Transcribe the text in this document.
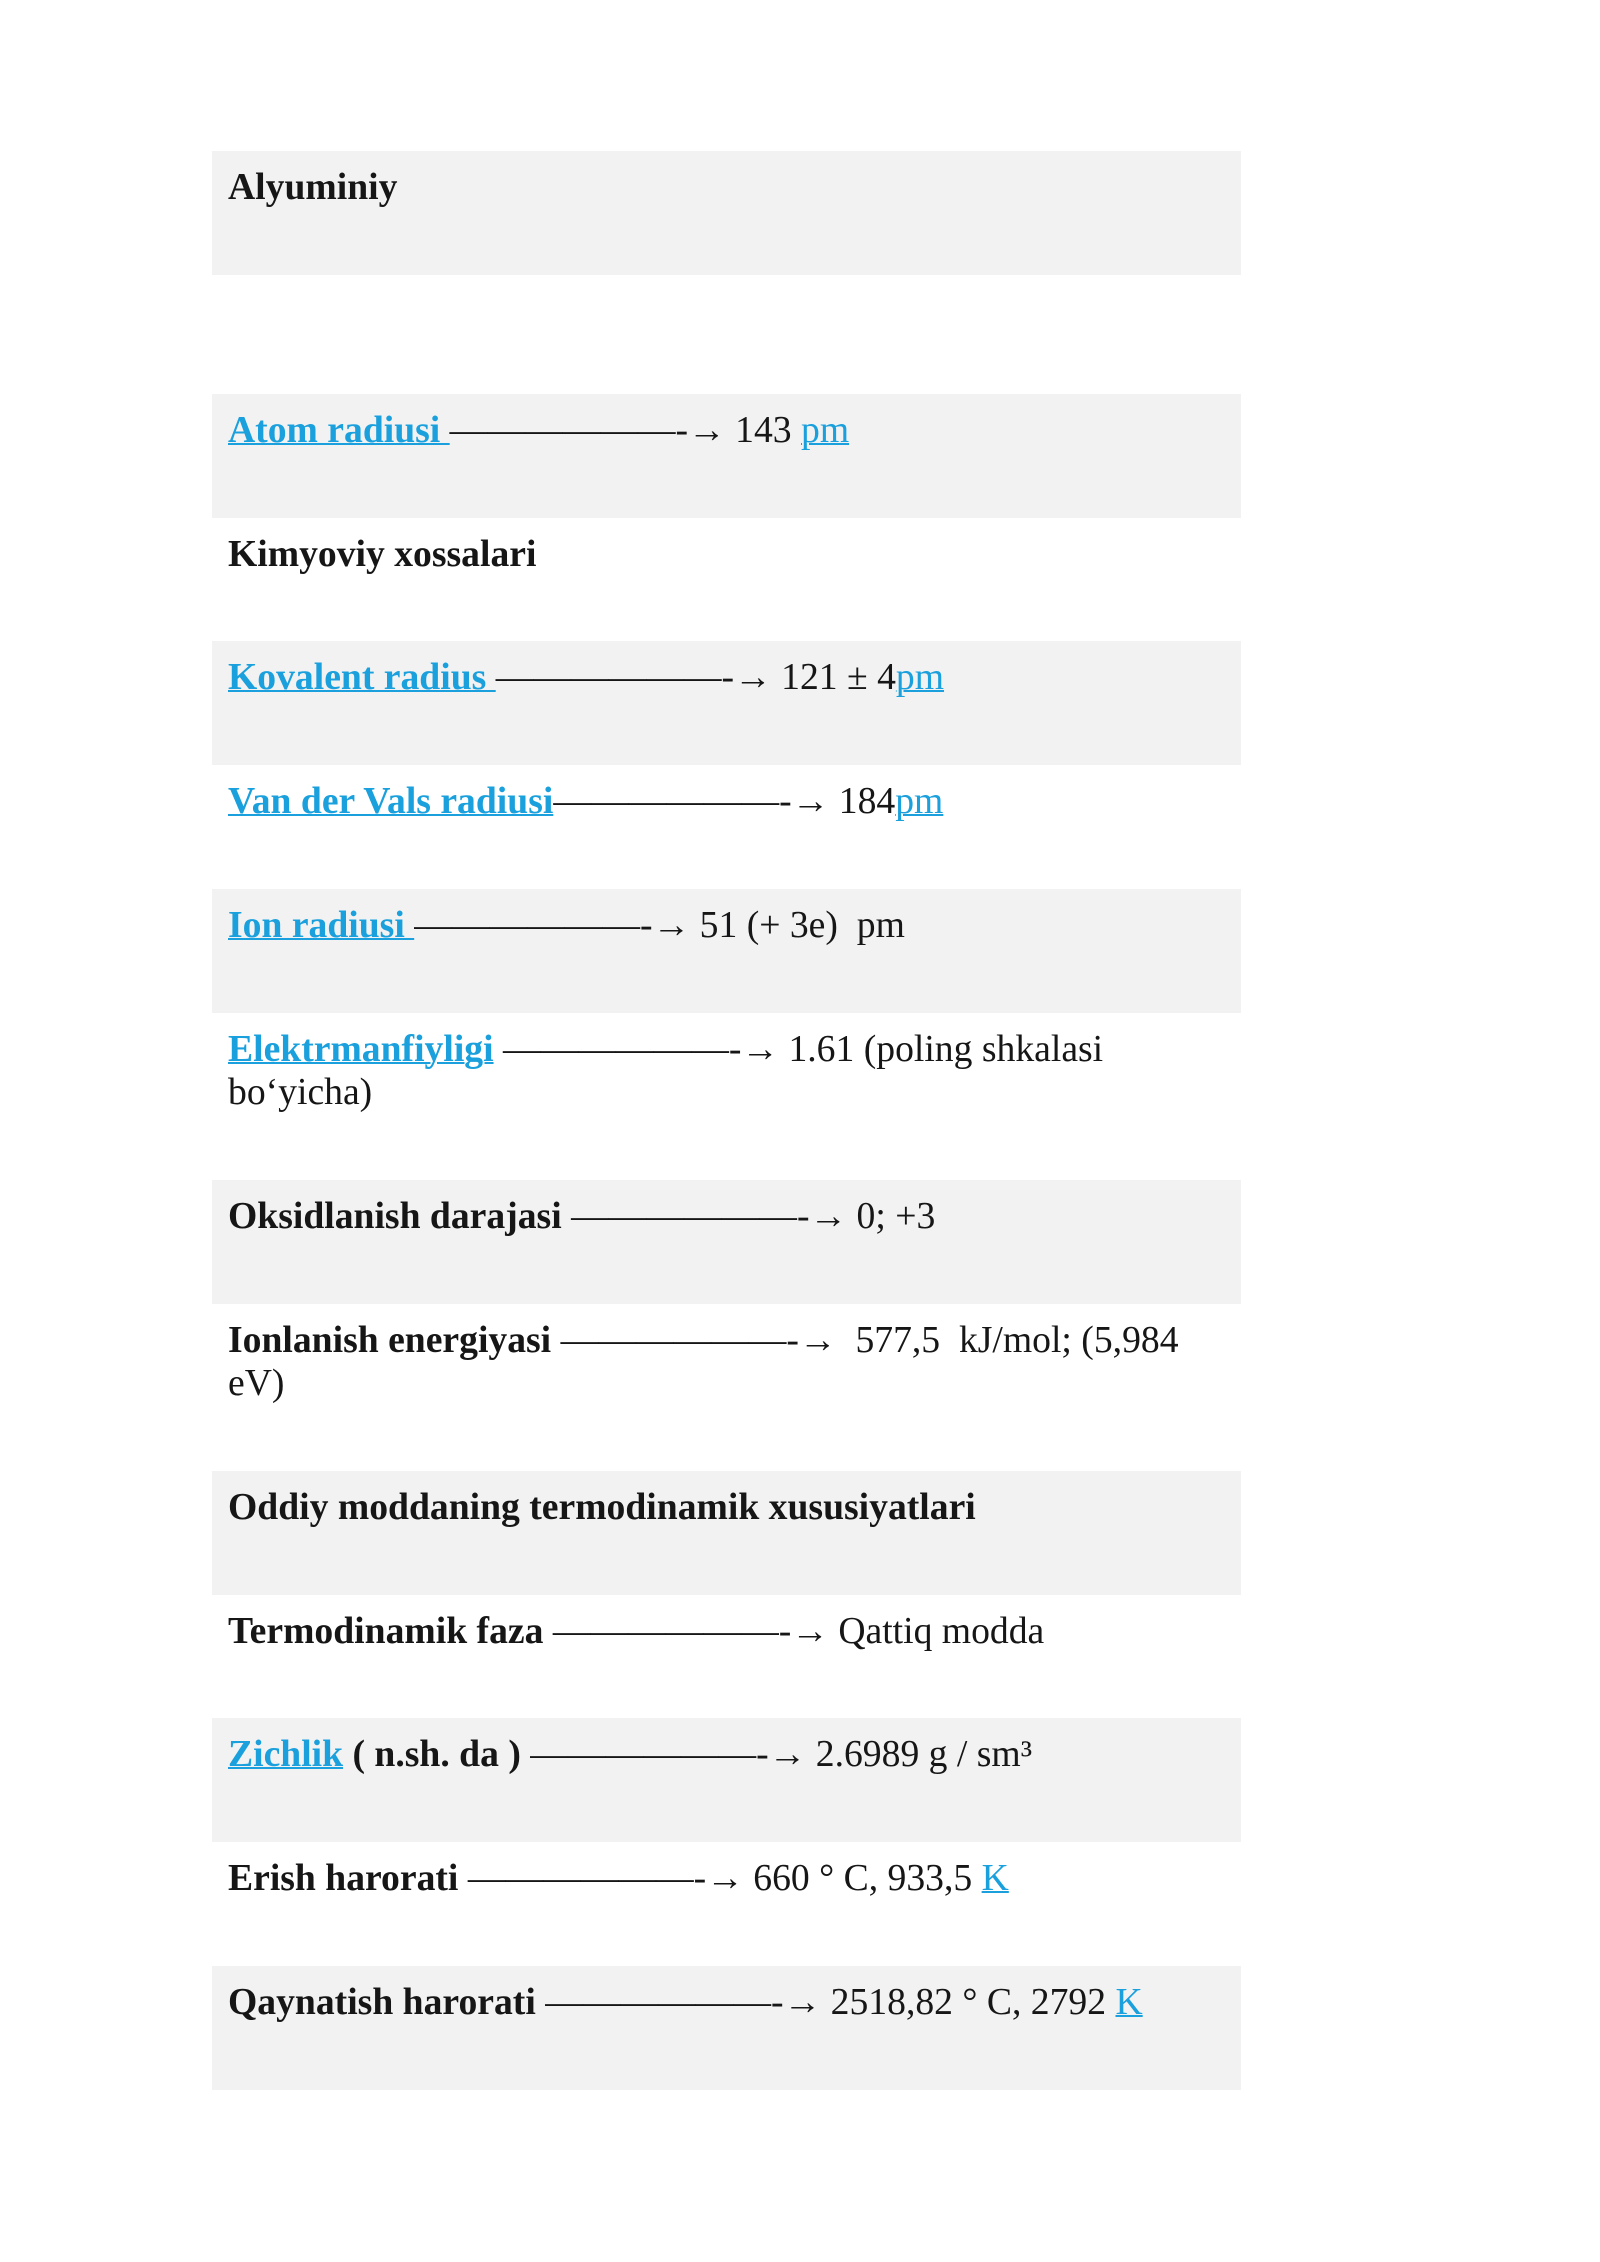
Alyuminiy

Atom radiusi ——————-→ 143 pm

Kimyoviy xossalari

Kovalent radius ——————-→ 121 ± 4pm

Van der Vals radiusi——————-→ 184pm

Ion radiusi ——————-→ 51 (+ 3e)  pm

Elektrmanfiyligi ——————-→ 1.61 (poling shkalasi bo‘yicha)

Oksidlanish darajasi ——————-→ 0; +3

Ionlanish energiyasi ——————-→ 577,5  kJ/mol; (5,984 eV)

Oddiy moddaning termodinamik xususiyatlari

Termodinamik faza ——————-→ Qattiq modda

Zichlik ( n.sh. da ) ——————-→ 2.6989 g / sm³

Erish harorati ——————-→ 660 ° C, 933,5 K

Qaynatish harorati ——————-→ 2518,82 ° C, 2792 K
